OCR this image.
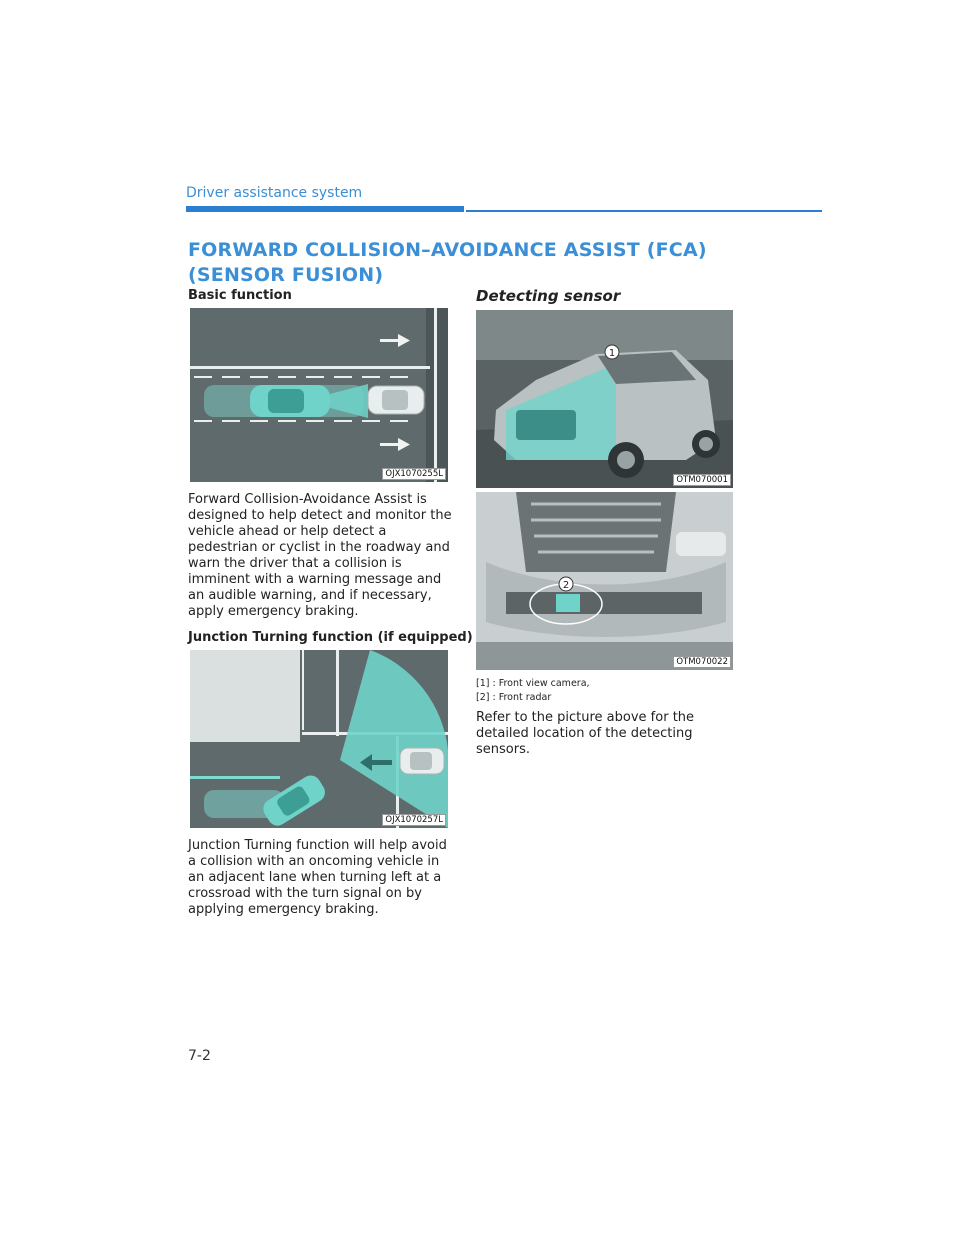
Driver assistance system
FORWARD COLLISION–AVOIDANCE ASSIST (FCA) (SENSOR FUSION)
Basic function
OJX1070255L
Forward Collision-Avoidance Assist is designed to help detect and monitor the vehicle ahead or help detect a pedestrian or cyclist in the roadway and warn the driver that a collision is imminent with a warning message and an audible warning, and if necessary, apply emergency braking.
Junction Turning function (if equipped)
OJX1070257L
Junction Turning function will help avoid a collision with an oncoming vehicle in an adjacent lane when turning left at a crossroad with the turn signal on by applying emergency braking.
Detecting sensor
1
OTM070001
2
OTM070022
[1] : Front view camera,
[2] : Front radar
Refer to the picture above for the detailed location of the detecting sensors.
7-2
